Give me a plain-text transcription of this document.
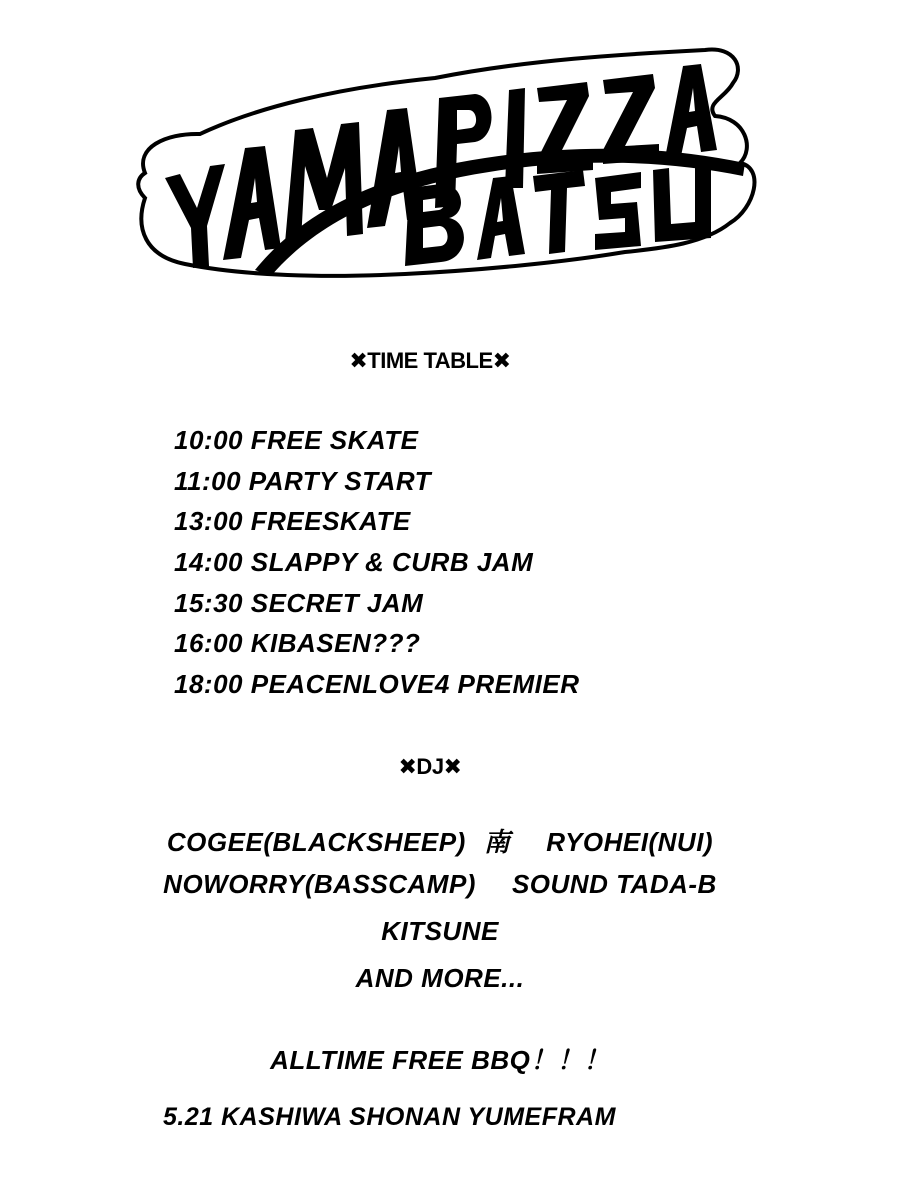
✖TIME TABLE✖
10:00 FREE SKATE
11:00 PARTY START
13:00 FREESKATE
14:00 SLAPPY & CURB JAM
15:30 SECRET JAM
16:00 KIBASEN???
18:00 PEACENLOVE4 PREMIER
✖DJ✖
COGEE(BLACKSHEEP) 南 RYOHEI(NUI)
NOWORRY(BASSCAMP) SOUND TADA-B
KITSUNE
AND MORE...
ALLTIME FREE BBQ！！！
5.21 KASHIWA SHONAN YUMEFRAM
